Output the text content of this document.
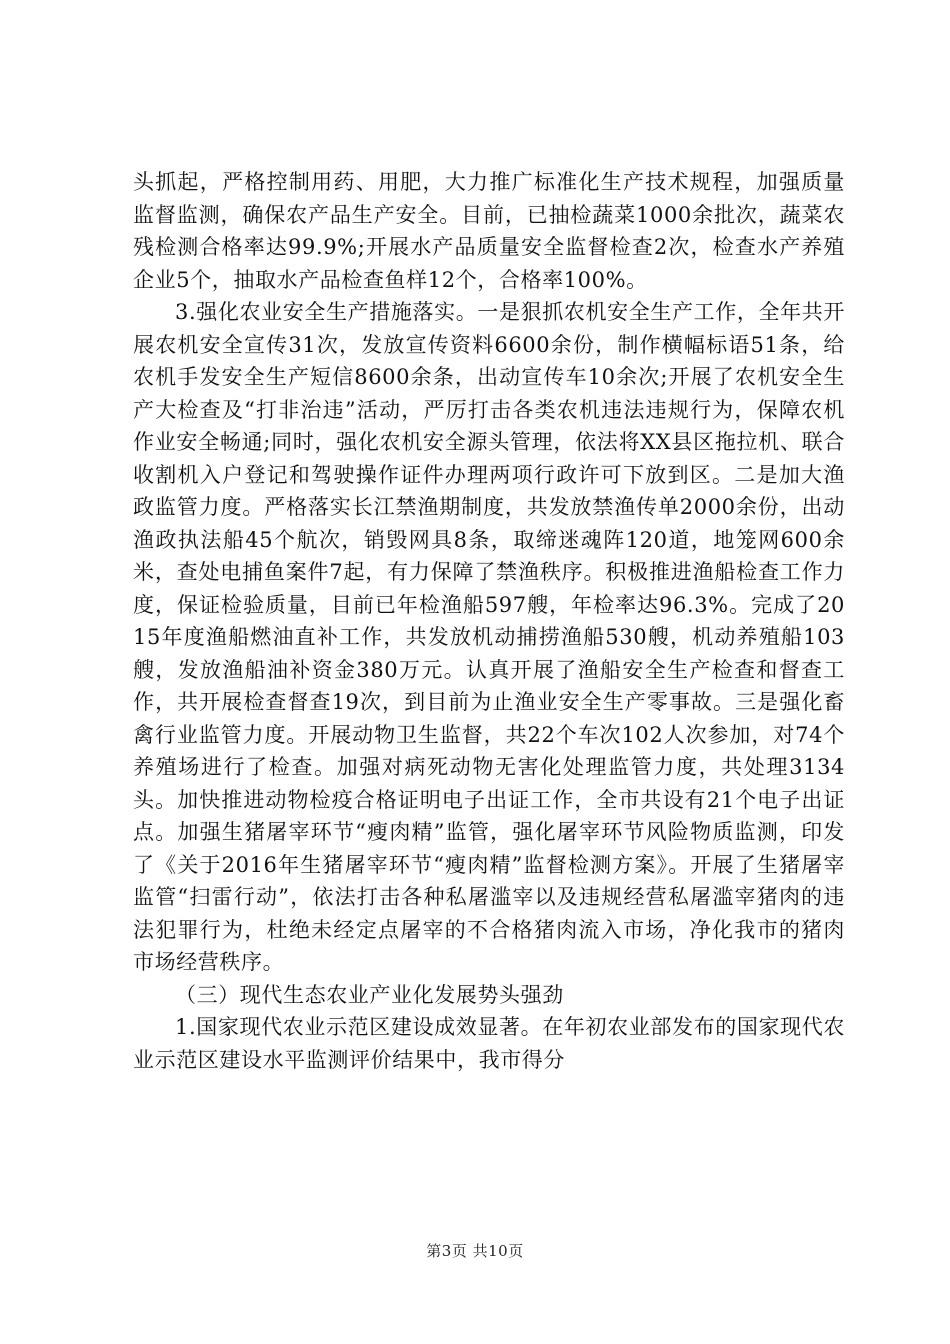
头抓起，严格控制用药、用肥，大力推广标准化生产技术规程，加强质量监督监测，确保农产品生产安全。目前，已抽检蔬菜1000余批次，蔬菜农残检测合格率达99.9%;开展水产品质量安全监督检查2次，检查水产养殖企业5个，抽取水产品检查鱼样12个，合格率100%。

3.强化农业安全生产措施落实。一是狠抓农机安全生产工作，全年共开展农机安全宣传31次，发放宣传资料6600余份，制作横幅标语51条，给农机手发安全生产短信8600余条，出动宣传车10余次;开展了农机安全生产大检查及“打非治违”活动，严厉打击各类农机违法违规行为，保障农机作业安全畅通;同时，强化农机安全源头管理，依法将XX县区拖拉机、联合收割机入户登记和驾驶操作证件办理两项行政许可下放到区。二是加大渔政监管力度。严格落实长江禁渔期制度，共发放禁渔传单2000余份，出动渔政执法船45个航次，销毁网具8条，取缔迷魂阵120道，地笼网600余米，查处电捕鱼案件7起，有力保障了禁渔秩序。积极推进渔船检查工作力度，保证检验质量，目前已年检渔船597艘，年检率达96.3%。完成了2015年度渔船燃油直补工作，共发放机动捕捞渔船530艘，机动养殖船103艘，发放渔船油补资金380万元。认真开展了渔船安全生产检查和督查工作，共开展检查督查19次，到目前为止渔业安全生产零事故。三是强化畜禽行业监管力度。开展动物卫生监督，共22个车次102人次参加，对74个养殖场进行了检查。加强对病死动物无害化处理监管力度，共处理3134头。加快推进动物检疫合格证明电子出证工作，全市共设有21个电子出证点。加强生猪屠宰环节“瘦肉精”监管，强化屠宰环节风险物质监测，印发了《关于2016年生猪屠宰环节“瘦肉精”监督检测方案》。开展了生猪屠宰监管“扫雷行动”，依法打击各种私屠滥宰以及违规经营私屠滥宰猪肉的违法犯罪行为，杜绝未经定点屠宰的不合格猪肉流入市场，净化我市的猪肉市场经营秩序。

（三）现代生态农业产业化发展势头强劲

1.国家现代农业示范区建设成效显著。在年初农业部发布的国家现代农业示范区建设水平监测评价结果中，我市得分

第3页 共10页
